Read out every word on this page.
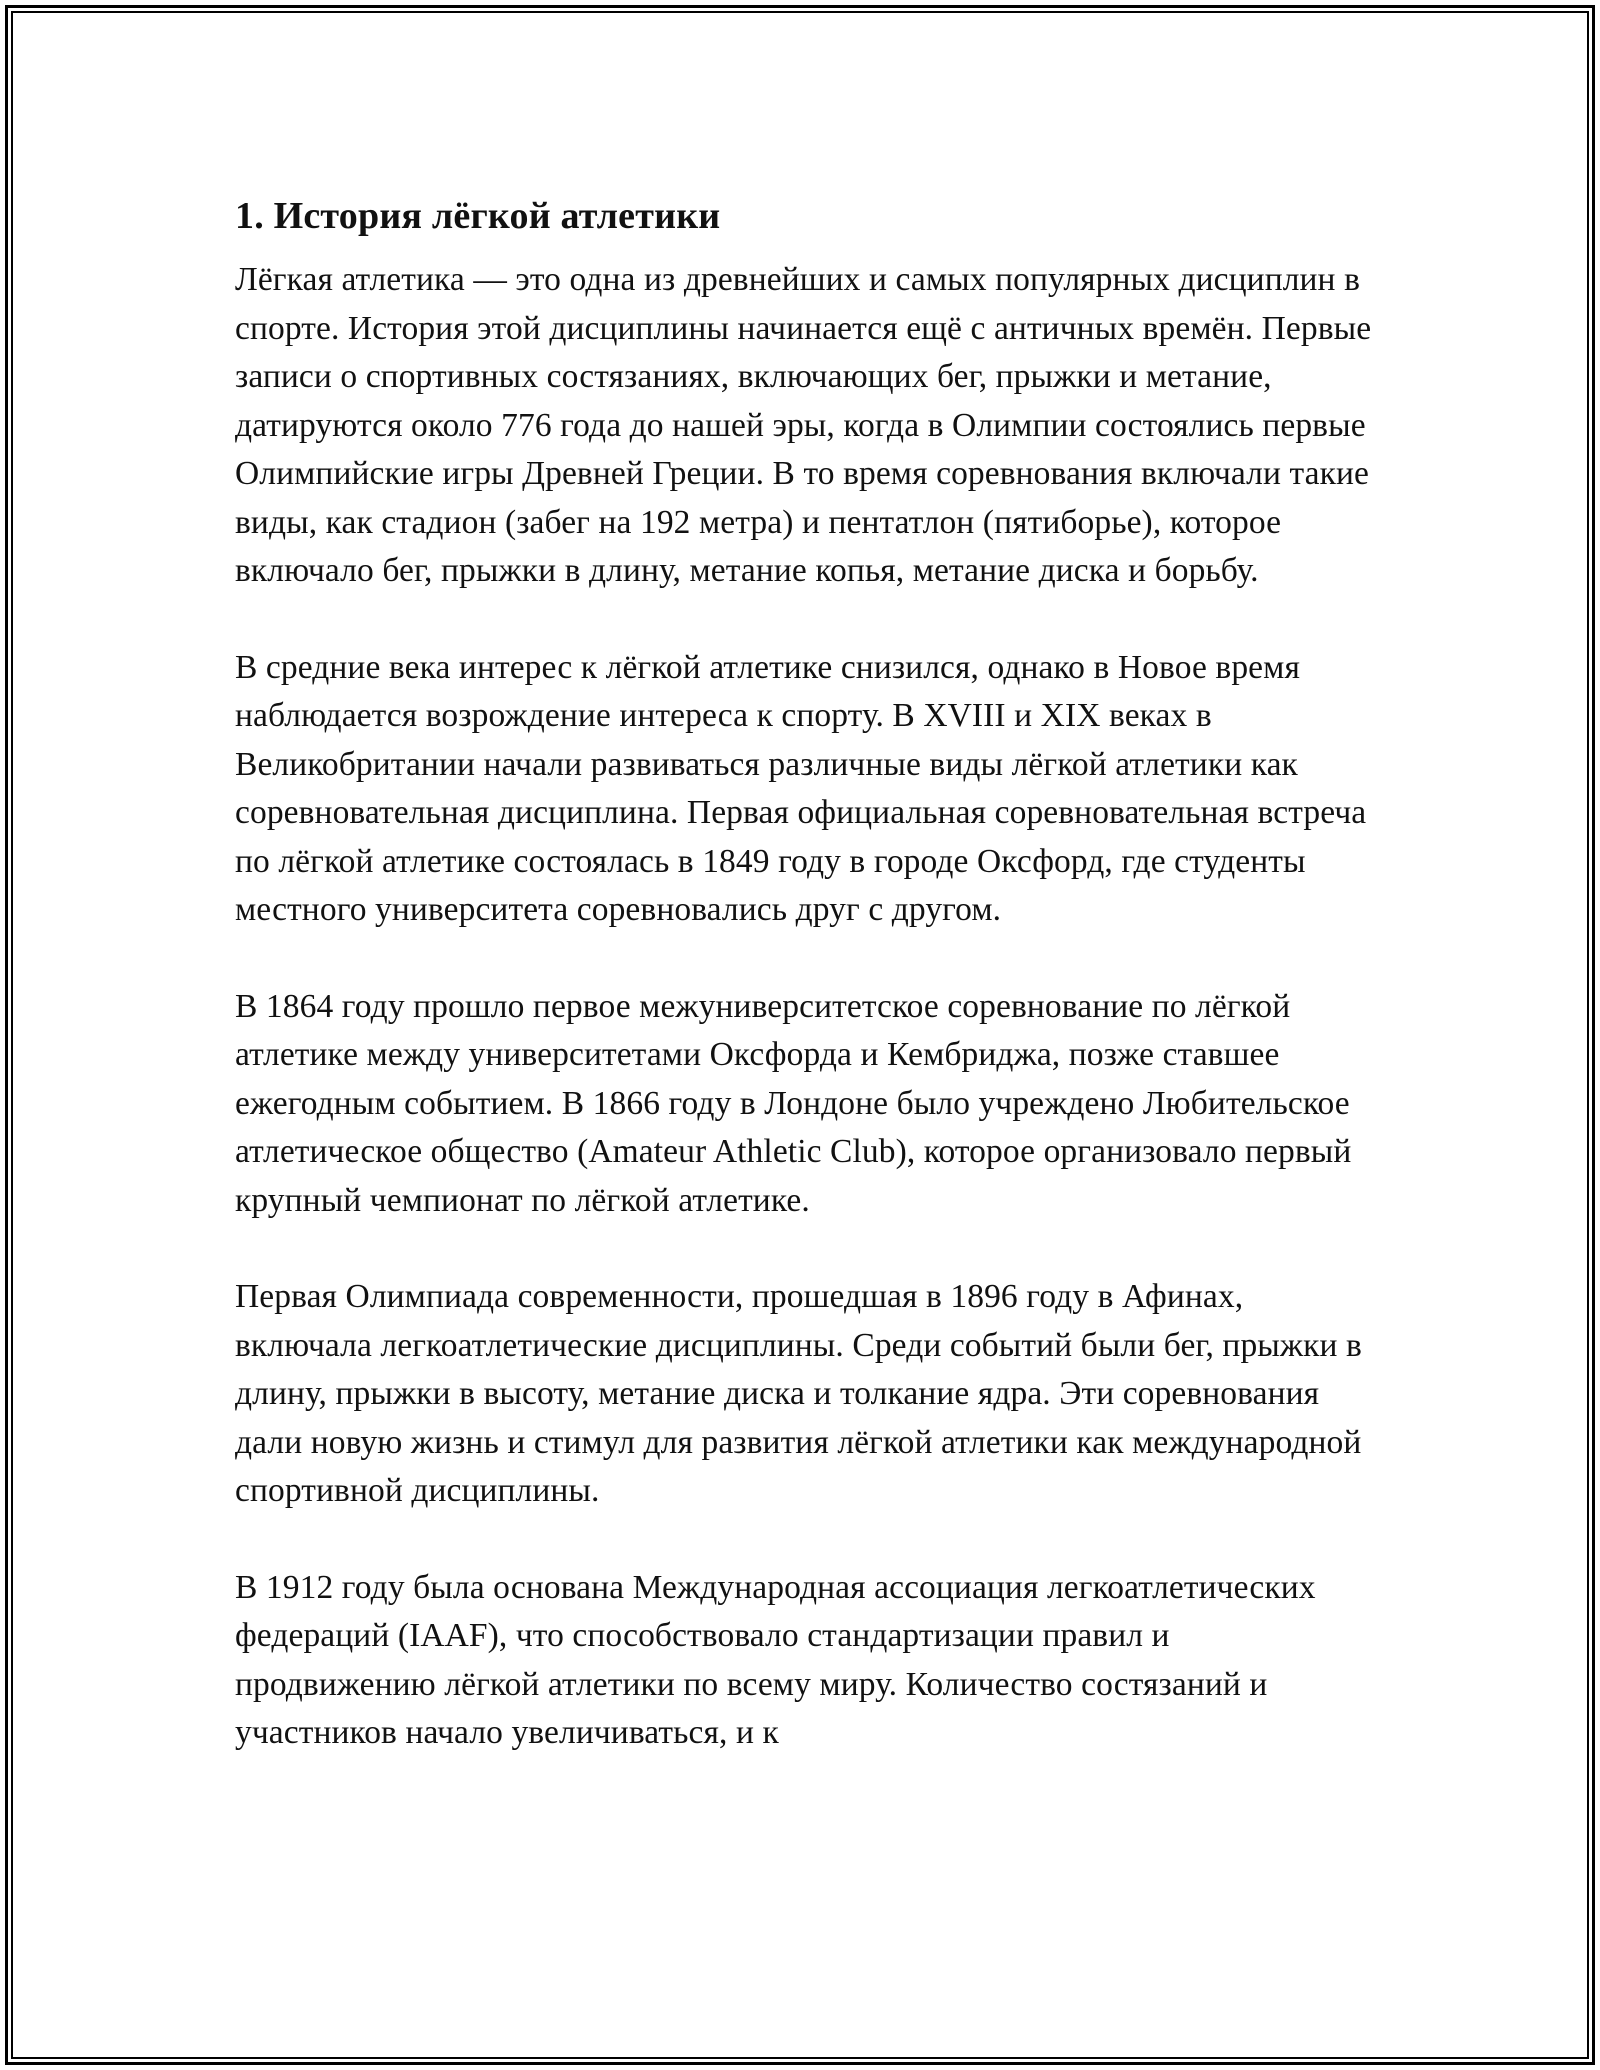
1. История лёгкой атлетики

Лёгкая атлетика — это одна из древнейших и самых популярных дисциплин в спорте. История этой дисциплины начинается ещё с античных времён. Первые записи о спортивных состязаниях, включающих бег, прыжки и метание, датируются около 776 года до нашей эры, когда в Олимпии состоялись первые Олимпийские игры Древней Греции. В то время соревнования включали такие виды, как стадион (забег на 192 метра) и пентатлон (пятиборье), которое включало бег, прыжки в длину, метание копья, метание диска и борьбу.

В средние века интерес к лёгкой атлетике снизился, однако в Новое время наблюдается возрождение интереса к спорту. В XVIII и XIX веках в Великобритании начали развиваться различные виды лёгкой атлетики как соревновательная дисциплина. Первая официальная соревновательная встреча по лёгкой атлетике состоялась в 1849 году в городе Оксфорд, где студенты местного университета соревновались друг с другом.

В 1864 году прошло первое межуниверситетское соревнование по лёгкой атлетике между университетами Оксфорда и Кембриджа, позже ставшее ежегодным событием. В 1866 году в Лондоне было учреждено Любительское атлетическое общество (Amateur Athletic Club), которое организовало первый крупный чемпионат по лёгкой атлетике.

Первая Олимпиада современности, прошедшая в 1896 году в Афинах, включала легкоатлетические дисциплины. Среди событий были бег, прыжки в длину, прыжки в высоту, метание диска и толкание ядра. Эти соревнования дали новую жизнь и стимул для развития лёгкой атлетики как международной спортивной дисциплины.

В 1912 году была основана Международная ассоциация легкоатлетических федераций (IAAF), что способствовало стандартизации правил и продвижению лёгкой атлетики по всему миру. Количество состязаний и участников начало увеличиваться, и к
